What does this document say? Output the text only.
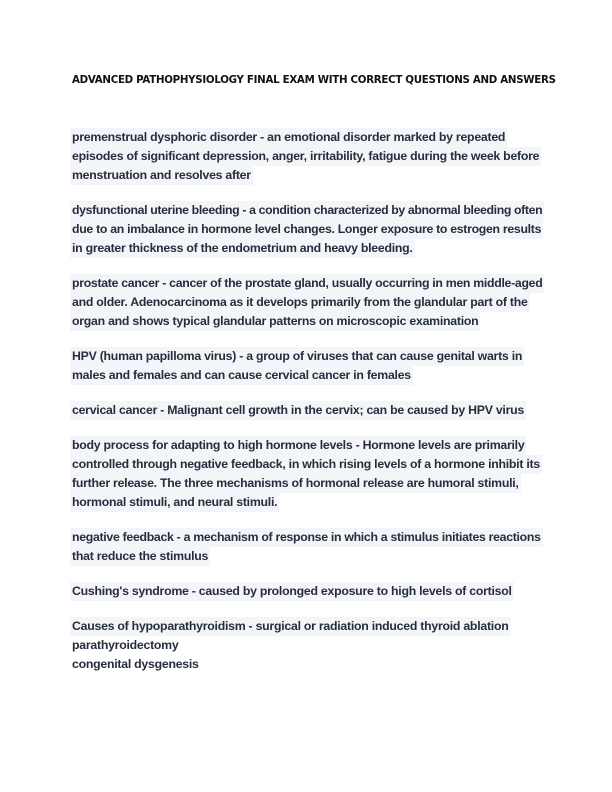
ADVANCED PATHOPHYSIOLOGY FINAL EXAM WITH CORRECT QUESTIONS AND ANSWERS
premenstrual dysphoric disorder - an emotional disorder marked by repeated
episodes of significant depression, anger, irritability, fatigue during the week before
menstruation and resolves after
dysfunctional uterine bleeding - a condition characterized by abnormal bleeding often
due to an imbalance in hormone level changes. Longer exposure to estrogen results
in greater thickness of the endometrium and heavy bleeding.
prostate cancer - cancer of the prostate gland, usually occurring in men middle-aged
and older. Adenocarcinoma as it develops primarily from the glandular part of the
organ and shows typical glandular patterns on microscopic examination
HPV (human papilloma virus) - a group of viruses that can cause genital warts in
males and females and can cause cervical cancer in females
cervical cancer - Malignant cell growth in the cervix; can be caused by HPV virus
body process for adapting to high hormone levels - Hormone levels are primarily
controlled through negative feedback, in which rising levels of a hormone inhibit its
further release. The three mechanisms of hormonal release are humoral stimuli,
hormonal stimuli, and neural stimuli.
negative feedback - a mechanism of response in which a stimulus initiates reactions
that reduce the stimulus
Cushing's syndrome - caused by prolonged exposure to high levels of cortisol
Causes of hypoparathyroidism - surgical or radiation induced thyroid ablation
parathyroidectomy
congenital dysgenesis
